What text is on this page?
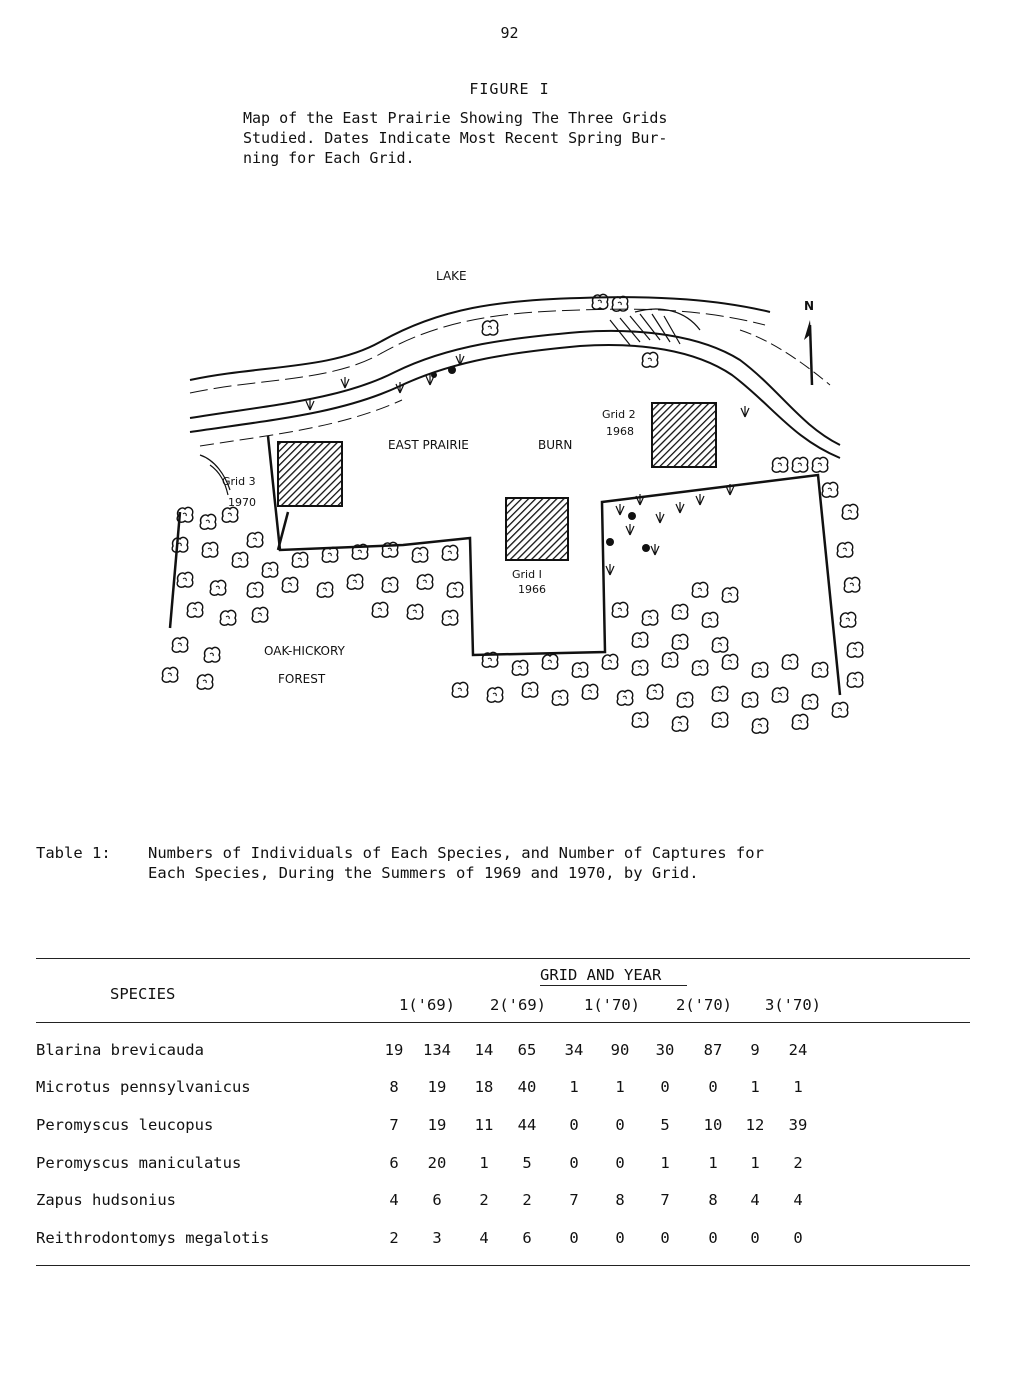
92
FIGURE I
Map of the East Prairie Showing The Three Grids
Studied. Dates Indicate Most Recent Spring Bur-
ning for Each Grid.
N
LAKE
EAST PRAIRIE	BURN
OAK-HICKORY
FOREST
Grid 3
1970
Grid 2
1968
Grid I
1966
Table 1: Numbers of Individuals of Each Species, and Number of Captures for
Each Species, During the Summers of 1969 and 1970, by Grid.
GRID AND YEAR
SPECIES
1('69)	2('69)	1('70)	2('70)	3('70)
Blarina brevicauda	19	134	14	65	34	90	30	87	9	24
Microtus pennsylvanicus	8	19	18	40	1	1	0	0	1	1
Peromyscus leucopus	7	19	11	44	0	0	5	10	12	39
Peromyscus maniculatus	6	20	1	5	0	0	1	1	1	2
Zapus hudsonius	4	6	2	2	7	8	7	8	4	4
Reithrodontomys megalotis	2	3	4	6	0	0	0	0	0	0
